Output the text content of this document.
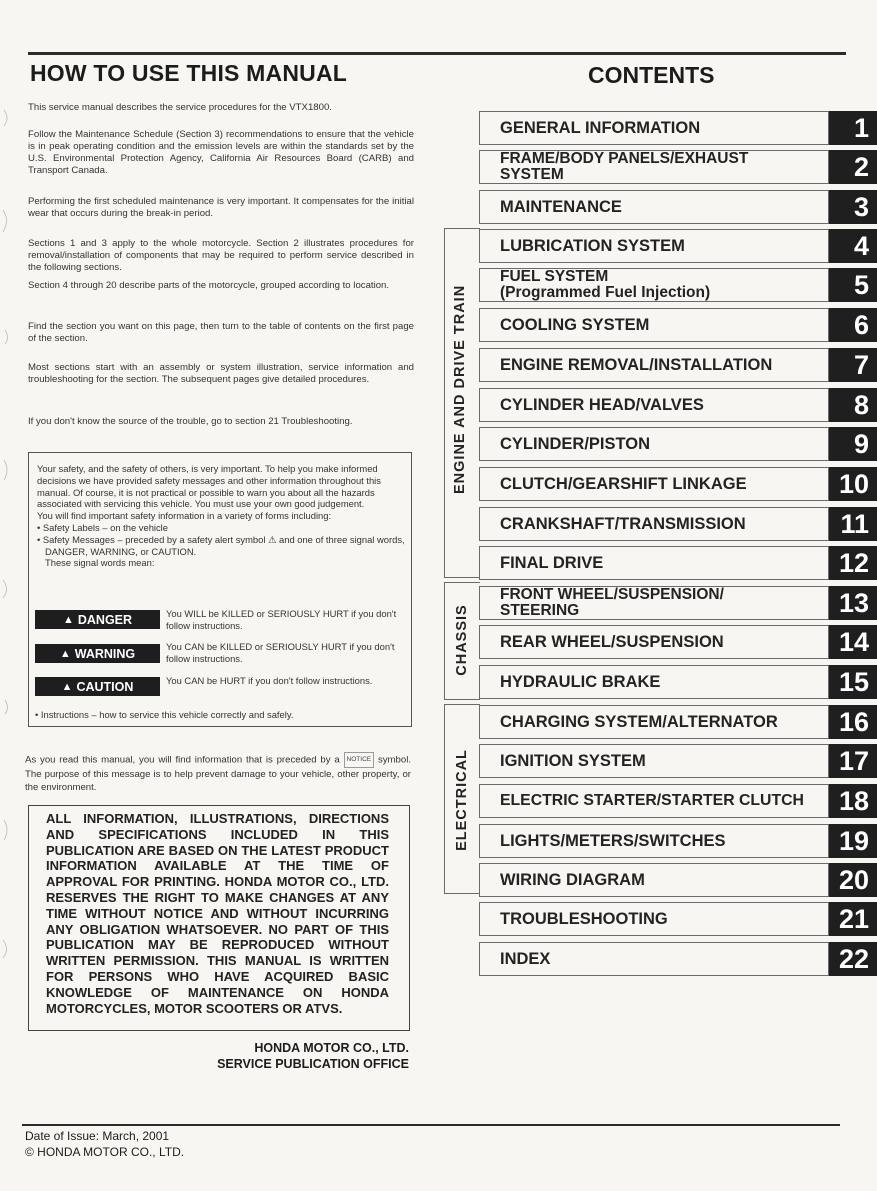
HOW TO USE THIS MANUAL	CONTENTS
This service manual describes the service procedures for the VTX1800.
Follow the Maintenance Schedule (Section 3) recommendations to ensure that the vehicle is in peak operating condition and the emission levels are within the standards set by the U.S. Environmental Protection Agency, California Air Resources Board (CARB) and Transport Canada.
Performing the first scheduled maintenance is very important. It compensates for the initial wear that occurs during the break-in period.
Sections 1 and 3 apply to the whole motorcycle. Section 2 illustrates procedures for removal/installation of components that may be required to perform service described in the following sections.
Section 4 through 20 describe parts of the motorcycle, grouped according to location.
Find the section you want on this page, then turn to the table of contents on the first page of the section.
Most sections start with an assembly or system illustration, service information and troubleshooting for the section. The subsequent pages give detailed procedures.
If you don't know the source of the trouble, go to section 21 Troubleshooting.
Your safety, and the safety of others, is very important. To help you make informed decisions we have provided safety messages and other information throughout this manual. Of course, it is not practical or possible to warn you about all the hazards associated with servicing this vehicle. You must use your own good judgement.
You will find important safety information in a variety of forms including:
• Safety Labels – on the vehicle
• Safety Messages – preceded by a safety alert symbol ⚠ and one of three signal words, DANGER, WARNING, or CAUTION.
These signal words mean:
▲ DANGER	You WILL be KILLED or SERIOUSLY HURT if you don't follow instructions.
▲ WARNING	You CAN be KILLED or SERIOUSLY HURT if you don't follow instructions.
▲ CAUTION	You CAN be HURT if you don't follow instructions.
• Instructions – how to service this vehicle correctly and safely.
As you read this manual, you will find information that is preceded by a NOTICE symbol. The purpose of this message is to help prevent damage to your vehicle, other property, or the environment.
ALL INFORMATION, ILLUSTRATIONS, DIRECTIONS AND SPECIFICATIONS INCLUDED IN THIS PUBLICATION ARE BASED ON THE LATEST PRODUCT INFORMATION AVAILABLE AT THE TIME OF APPROVAL FOR PRINTING. HONDA MOTOR CO., LTD. RESERVES THE RIGHT TO MAKE CHANGES AT ANY TIME WITHOUT NOTICE AND WITHOUT INCURRING ANY OBLIGATION WHATSOEVER. NO PART OF THIS PUBLICATION MAY BE REPRODUCED WITHOUT WRITTEN PERMISSION. THIS MANUAL IS WRITTEN FOR PERSONS WHO HAVE ACQUIRED BASIC KNOWLEDGE OF MAINTENANCE ON HONDA MOTORCYCLES, MOTOR SCOOTERS OR ATVS.
HONDA MOTOR CO., LTD.
SERVICE PUBLICATION OFFICE
ENGINE AND DRIVE TRAIN
CHASSIS
ELECTRICAL
GENERAL INFORMATION	1
FRAME/BODY PANELS/EXHAUST
SYSTEM	2
MAINTENANCE	3
LUBRICATION SYSTEM	4
FUEL SYSTEM
(Programmed Fuel Injection)	5
COOLING SYSTEM	6
ENGINE REMOVAL/INSTALLATION	7
CYLINDER HEAD/VALVES	8
CYLINDER/PISTON	9
CLUTCH/GEARSHIFT LINKAGE	10
CRANKSHAFT/TRANSMISSION	11
FINAL DRIVE	12
FRONT WHEEL/SUSPENSION/
STEERING	13
REAR WHEEL/SUSPENSION	14
HYDRAULIC BRAKE	15
CHARGING SYSTEM/ALTERNATOR	16
IGNITION SYSTEM	17
ELECTRIC STARTER/STARTER CLUTCH	18
LIGHTS/METERS/SWITCHES	19
WIRING DIAGRAM	20
TROUBLESHOOTING	21
INDEX	22
Date of Issue: March, 2001
© HONDA MOTOR CO., LTD.
